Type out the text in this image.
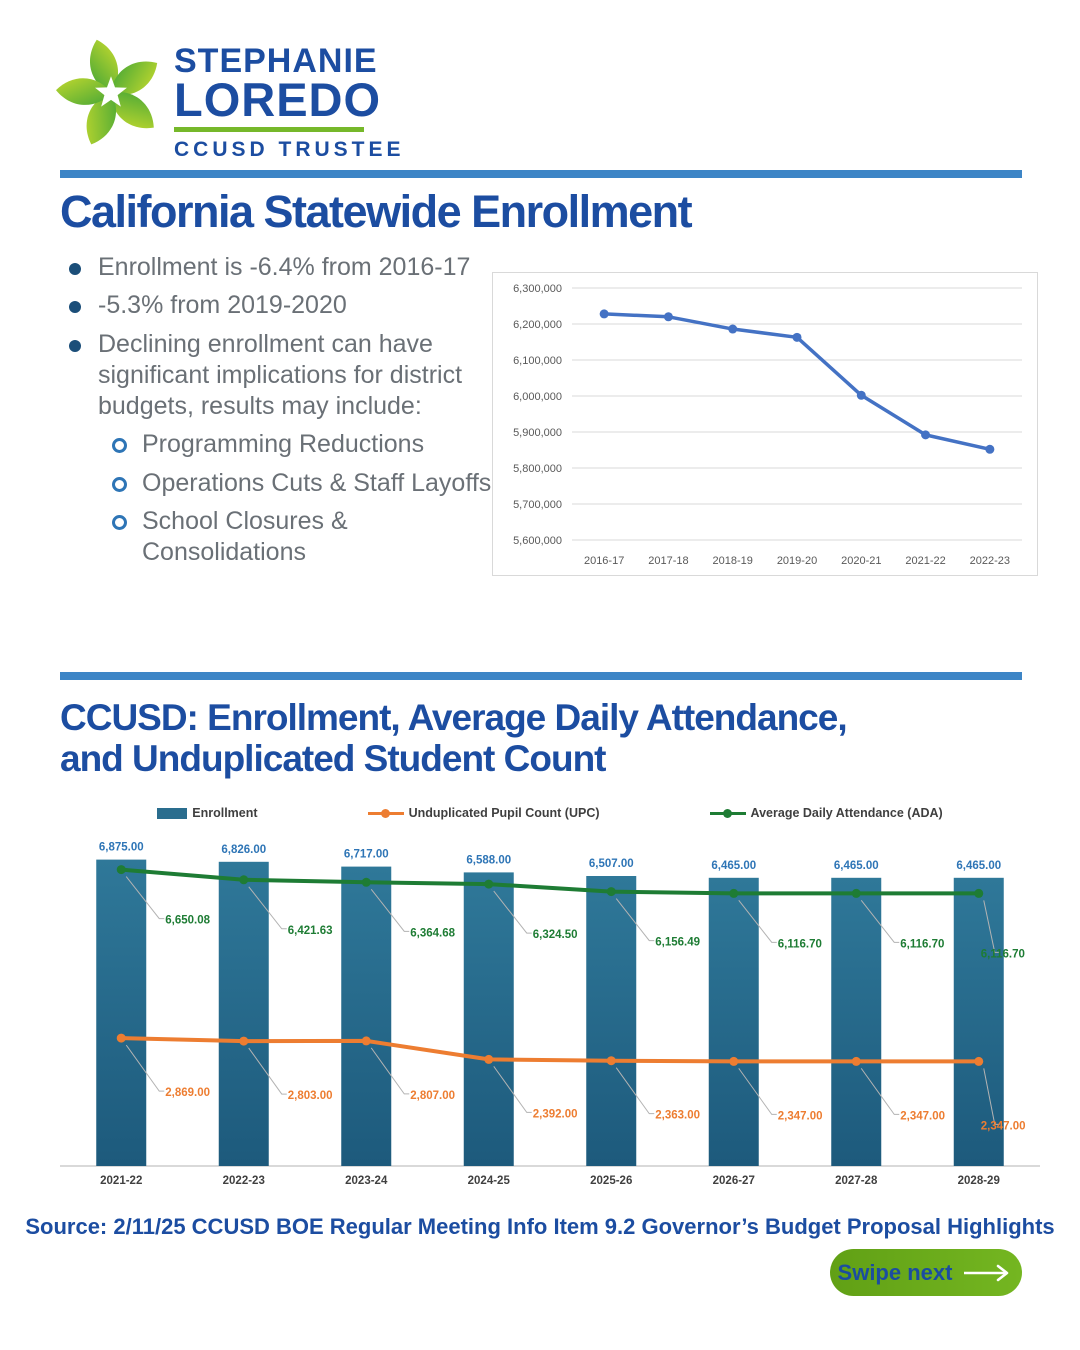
STEPHANIE
LOREDO
CCUSD TRUSTEE
California Statewide Enrollment
Enrollment is -6.4% from 2016-17
-5.3% from 2019-2020
Declining enrollment can have significant implications for district budgets, results may include:
Programming Reductions
Operations Cuts & Staff Layoffs
School Closures & Consolidations	5,600,000
5,700,000
5,800,000
5,900,000
6,000,000
6,100,000
6,200,000
6,300,000
2016-17 2017-18 2018-19 2019-20 2020-21 2021-22 2022-23
CCUSD: Enrollment, Average Daily Attendance,
and Unduplicated Student Count
Enrollment	Unduplicated Pupil Count (UPC)	Average Daily Attendance (ADA)
2021-22	2022-23	2023-24	2024-25	2025-26	2026-27	2027-28	2028-29
2,869.00	2,803.00	2,807.00
2,392.00	2,363.00	2,347.00	2,347.00
2,347.00
6,650.08
6,421.63	6,364.68	6,324.50
6,156.49	6,116.70	6,116.70
6,116.70
6,875.00	6,826.00	6,717.00	6,588.00	6,507.00	6,465.00	6,465.00	6,465.00
Source: 2/11/25 CCUSD BOE Regular Meeting Info Item 9.2 Governor’s Budget Proposal Highlights
Swipe next
